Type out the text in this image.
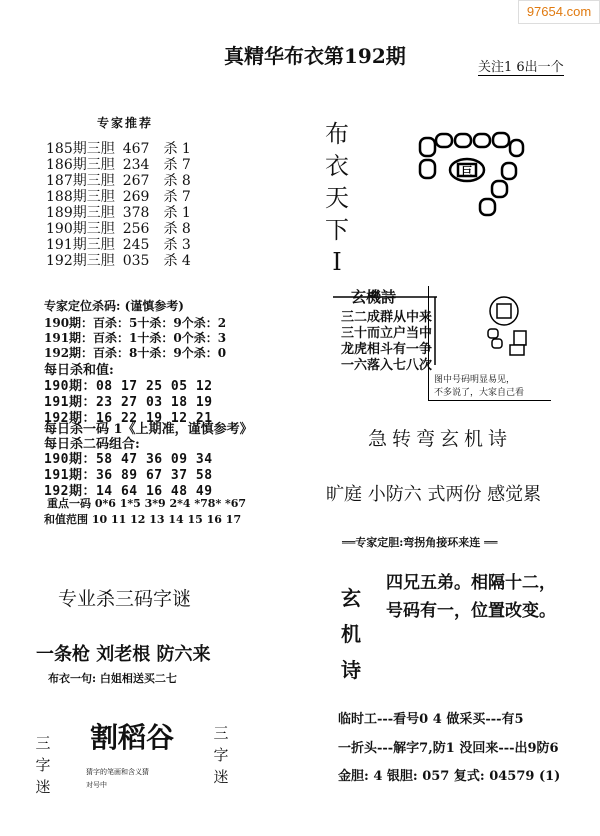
97654.com
真精华布衣第192期	关注1 6出一个
专家推荐
185期三胆 467 杀 1
186期三胆 234 杀 7
187期三胆 267 杀 8
188期三胆 269 杀 7
189期三胆 378 杀 1
190期三胆 256 杀 8
191期三胆 245 杀 3
192期三胆 035 杀 4
专家定位杀码: (谨慎参考)
190期：百杀：5十杀：9个杀：2
191期：百杀：1十杀：0个杀：3
192期：百杀：8十杀：9个杀：0
每日杀和值:
190期：08 17 25 05 12
191期：23 27 03 18 19
192期：16 22 19 12 21
每日杀一码 1《上期准，谨慎参考》
每日杀二码组合:
190期：58 47 36 09 34
191期：36 89 67 37 58
192期：14 64 16 48 49
重点一码 0*6 1*5 3*9 2*4 *78* *67
和值范围 10 11 12 13 14 15 16 17
布
衣
天
下
I
巨
玄機詩
三二成群从中来
三十而立户当中
龙虎相斗有一争
一六落入七八次
图中号码明显易见，
不多说了，大家自己看
急转弯玄机诗
旷庭 小防六 式两份 感觉累
══专家定胆:弯拐角接环来连 ══
玄
机
诗
四兄五弟。相隔十二，
号码有一，位置改变。
临时工---看号0 4 做采买---有5
一折头---解字7,防1 没回来---出9防6
金胆: 4 银胆: 057 复式: 04579 (1)
专业杀三码字谜
一条枪 刘老根 防六来
布衣一句: 白姐相送买二七
三
字
迷
割稻谷	三
字
迷
猜字的笔画和含义猜
对号中
